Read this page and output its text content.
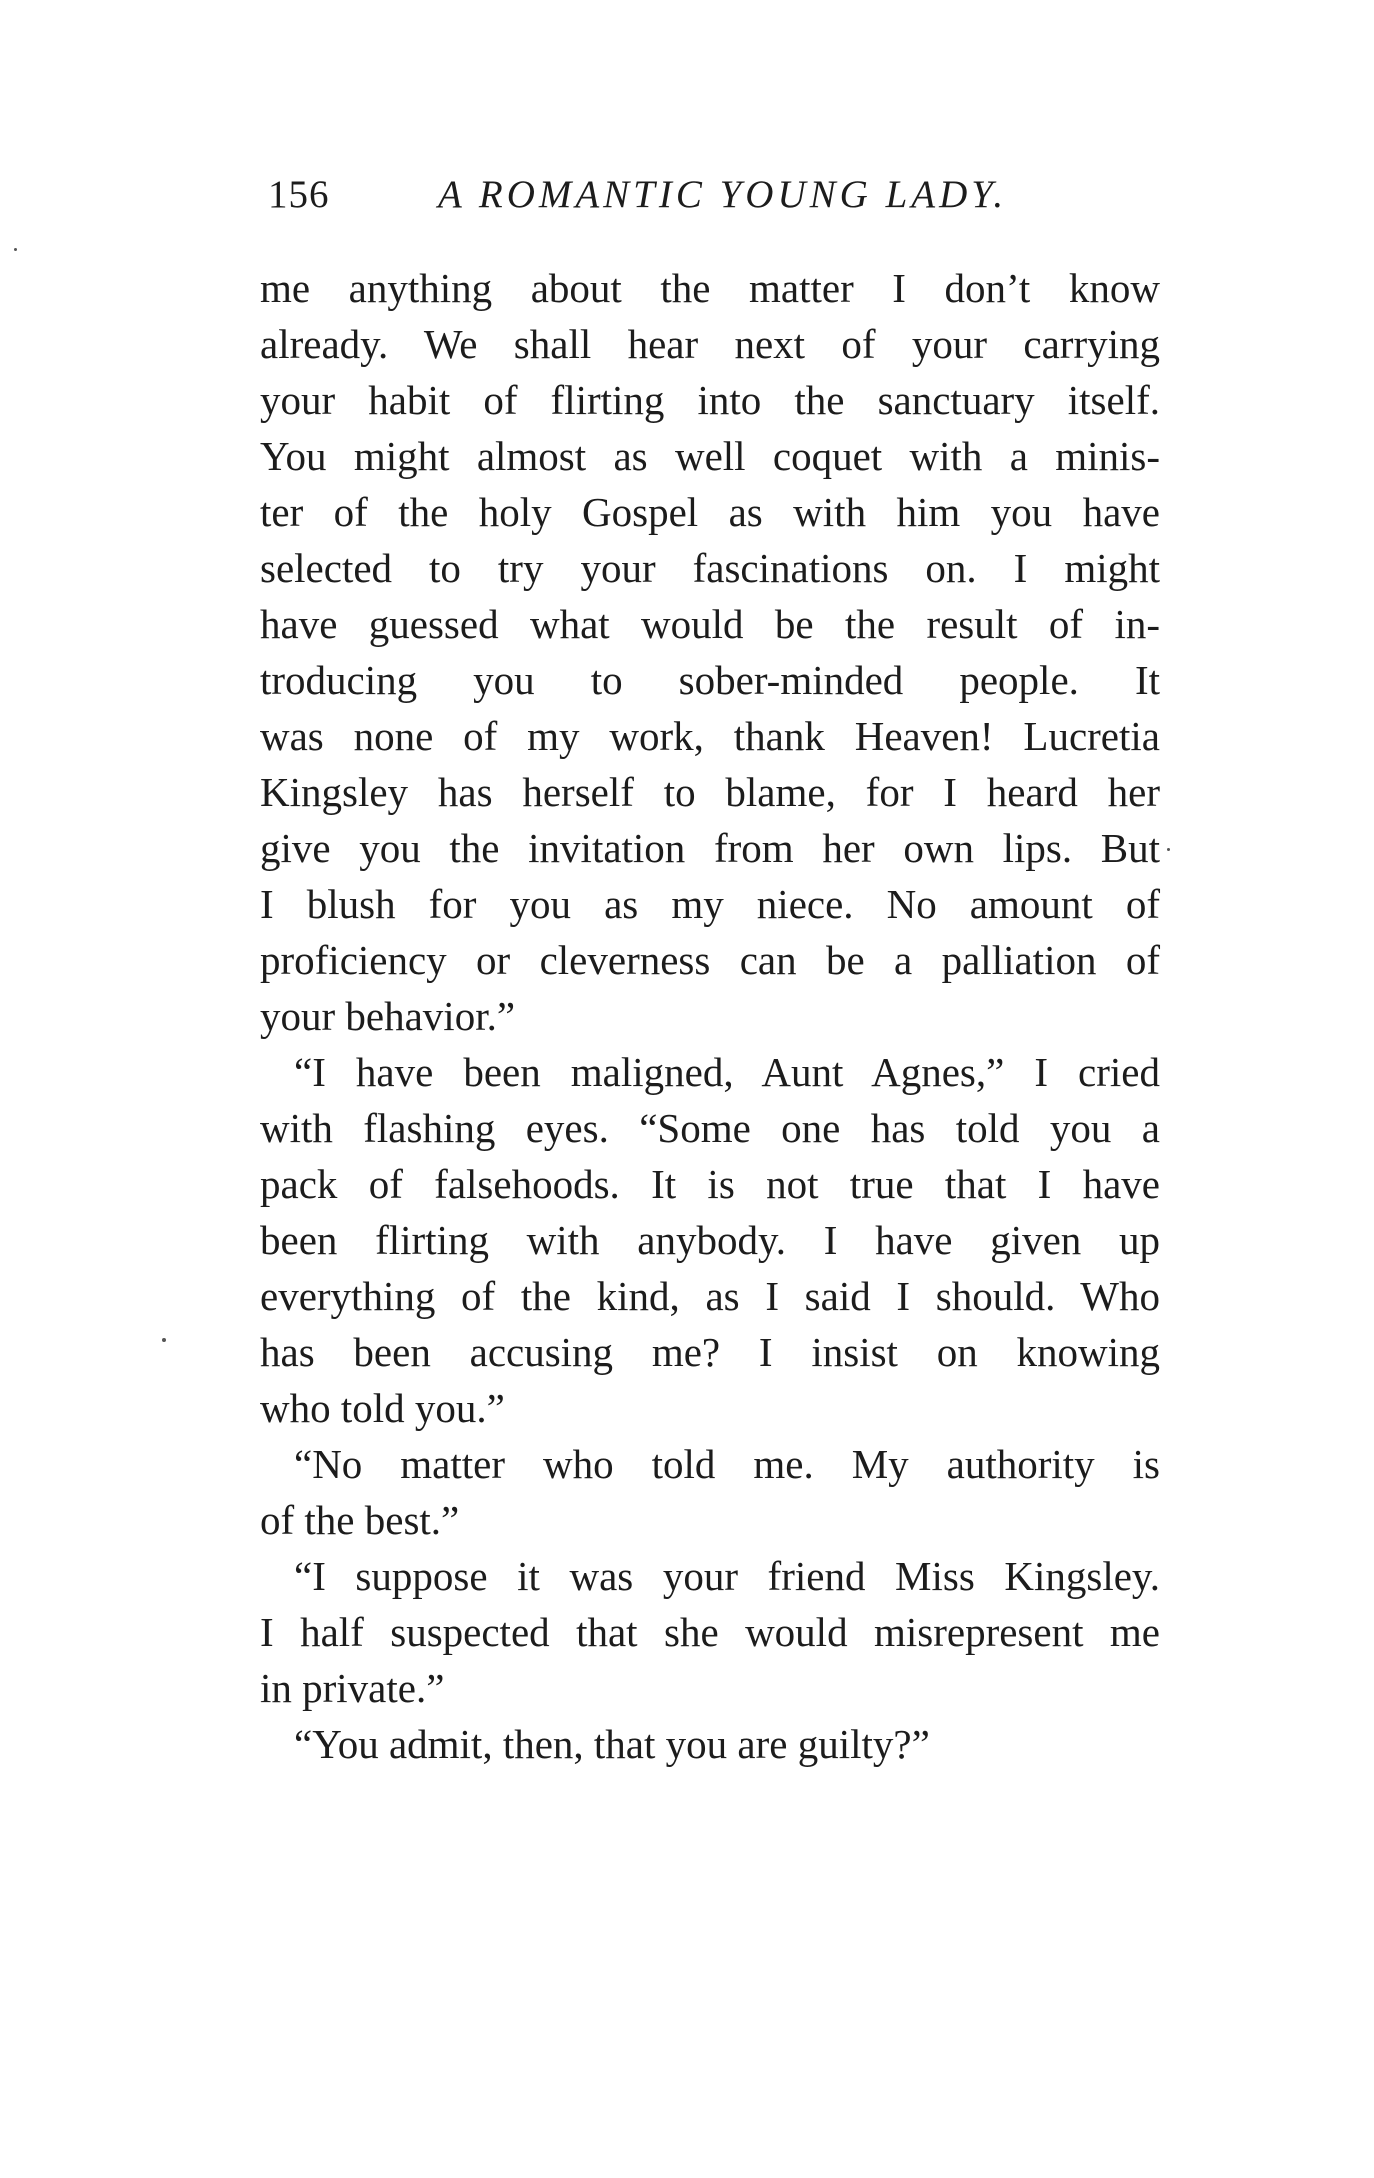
156	A ROMANTIC YOUNG LADY.
me anything about the matter I don’t know
already. We shall hear next of your carrying
your habit of flirting into the sanctuary itself.
You might almost as well coquet with a minis-
ter of the holy Gospel as with him you have
selected to try your fascinations on. I might
have guessed what would be the result of in-
troducing you to sober-minded people. It
was none of my work, thank Heaven! Lucretia
Kingsley has herself to blame, for I heard her
give you the invitation from her own lips. But
I blush for you as my niece. No amount of
proficiency or cleverness can be a palliation of
your behavior.”
“I have been maligned, Aunt Agnes,” I cried
with flashing eyes. “Some one has told you a
pack of falsehoods. It is not true that I have
been flirting with anybody. I have given up
everything of the kind, as I said I should. Who
has been accusing me? I insist on knowing
who told you.”
“No matter who told me. My authority is
of the best.”
“I suppose it was your friend Miss Kingsley.
I half suspected that she would misrepresent me
in private.”
“You admit, then, that you are guilty?”
